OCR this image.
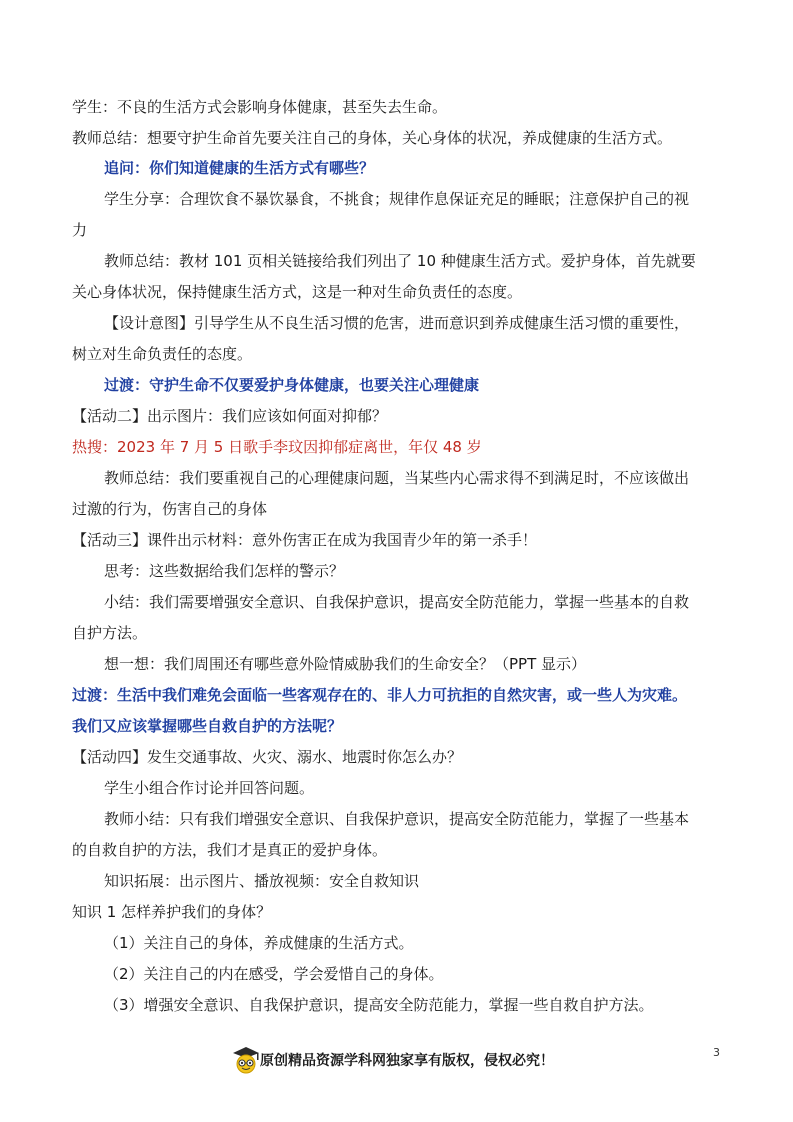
学生：不良的生活方式会影响身体健康，甚至失去生命。
教师总结：想要守护生命首先要关注自己的身体，关心身体的状况，养成健康的生活方式。
追问：你们知道健康的生活方式有哪些？
学生分享：合理饮食不暴饮暴食，不挑食；规律作息保证充足的睡眠；注意保护自己的视
力
教师总结：教材 101 页相关链接给我们列出了 10 种健康生活方式。爱护身体，首先就要
关心身体状况，保持健康生活方式，这是一种对生命负责任的态度。
【设计意图】引导学生从不良生活习惯的危害，进而意识到养成健康生活习惯的重要性，
树立对生命负责任的态度。
过渡：守护生命不仅要爱护身体健康，也要关注心理健康
【活动二】出示图片：我们应该如何面对抑郁？
热搜：2023 年 7 月 5 日歌手李玟因抑郁症离世，年仅 48 岁
教师总结：我们要重视自己的心理健康问题，当某些内心需求得不到满足时，不应该做出
过激的行为，伤害自己的身体
【活动三】课件出示材料：意外伤害正在成为我国青少年的第一杀手！
思考：这些数据给我们怎样的警示？
小结：我们需要增强安全意识、自我保护意识，提高安全防范能力，掌握一些基本的自救
自护方法。
想一想：我们周围还有哪些意外险情威胁我们的生命安全？（PPT 显示）
过渡：生活中我们难免会面临一些客观存在的、非人力可抗拒的自然灾害，或一些人为灾难。
我们又应该掌握哪些自救自护的方法呢？
【活动四】发生交通事故、火灾、溺水、地震时你怎么办？
学生小组合作讨论并回答问题。
教师小结：只有我们增强安全意识、自我保护意识，提高安全防范能力，掌握了一些基本
的自救自护的方法，我们才是真正的爱护身体。
知识拓展：出示图片、播放视频：安全自救知识
知识 1 怎样养护我们的身体？
（1）关注自己的身体，养成健康的生活方式。
（2）关注自己的内在感受，学会爱惜自己的身体。
（3）增强安全意识、自我保护意识，提高安全防范能力，掌握一些自救自护方法。
3
原创精品资源学科网独家享有版权，侵权必究！
